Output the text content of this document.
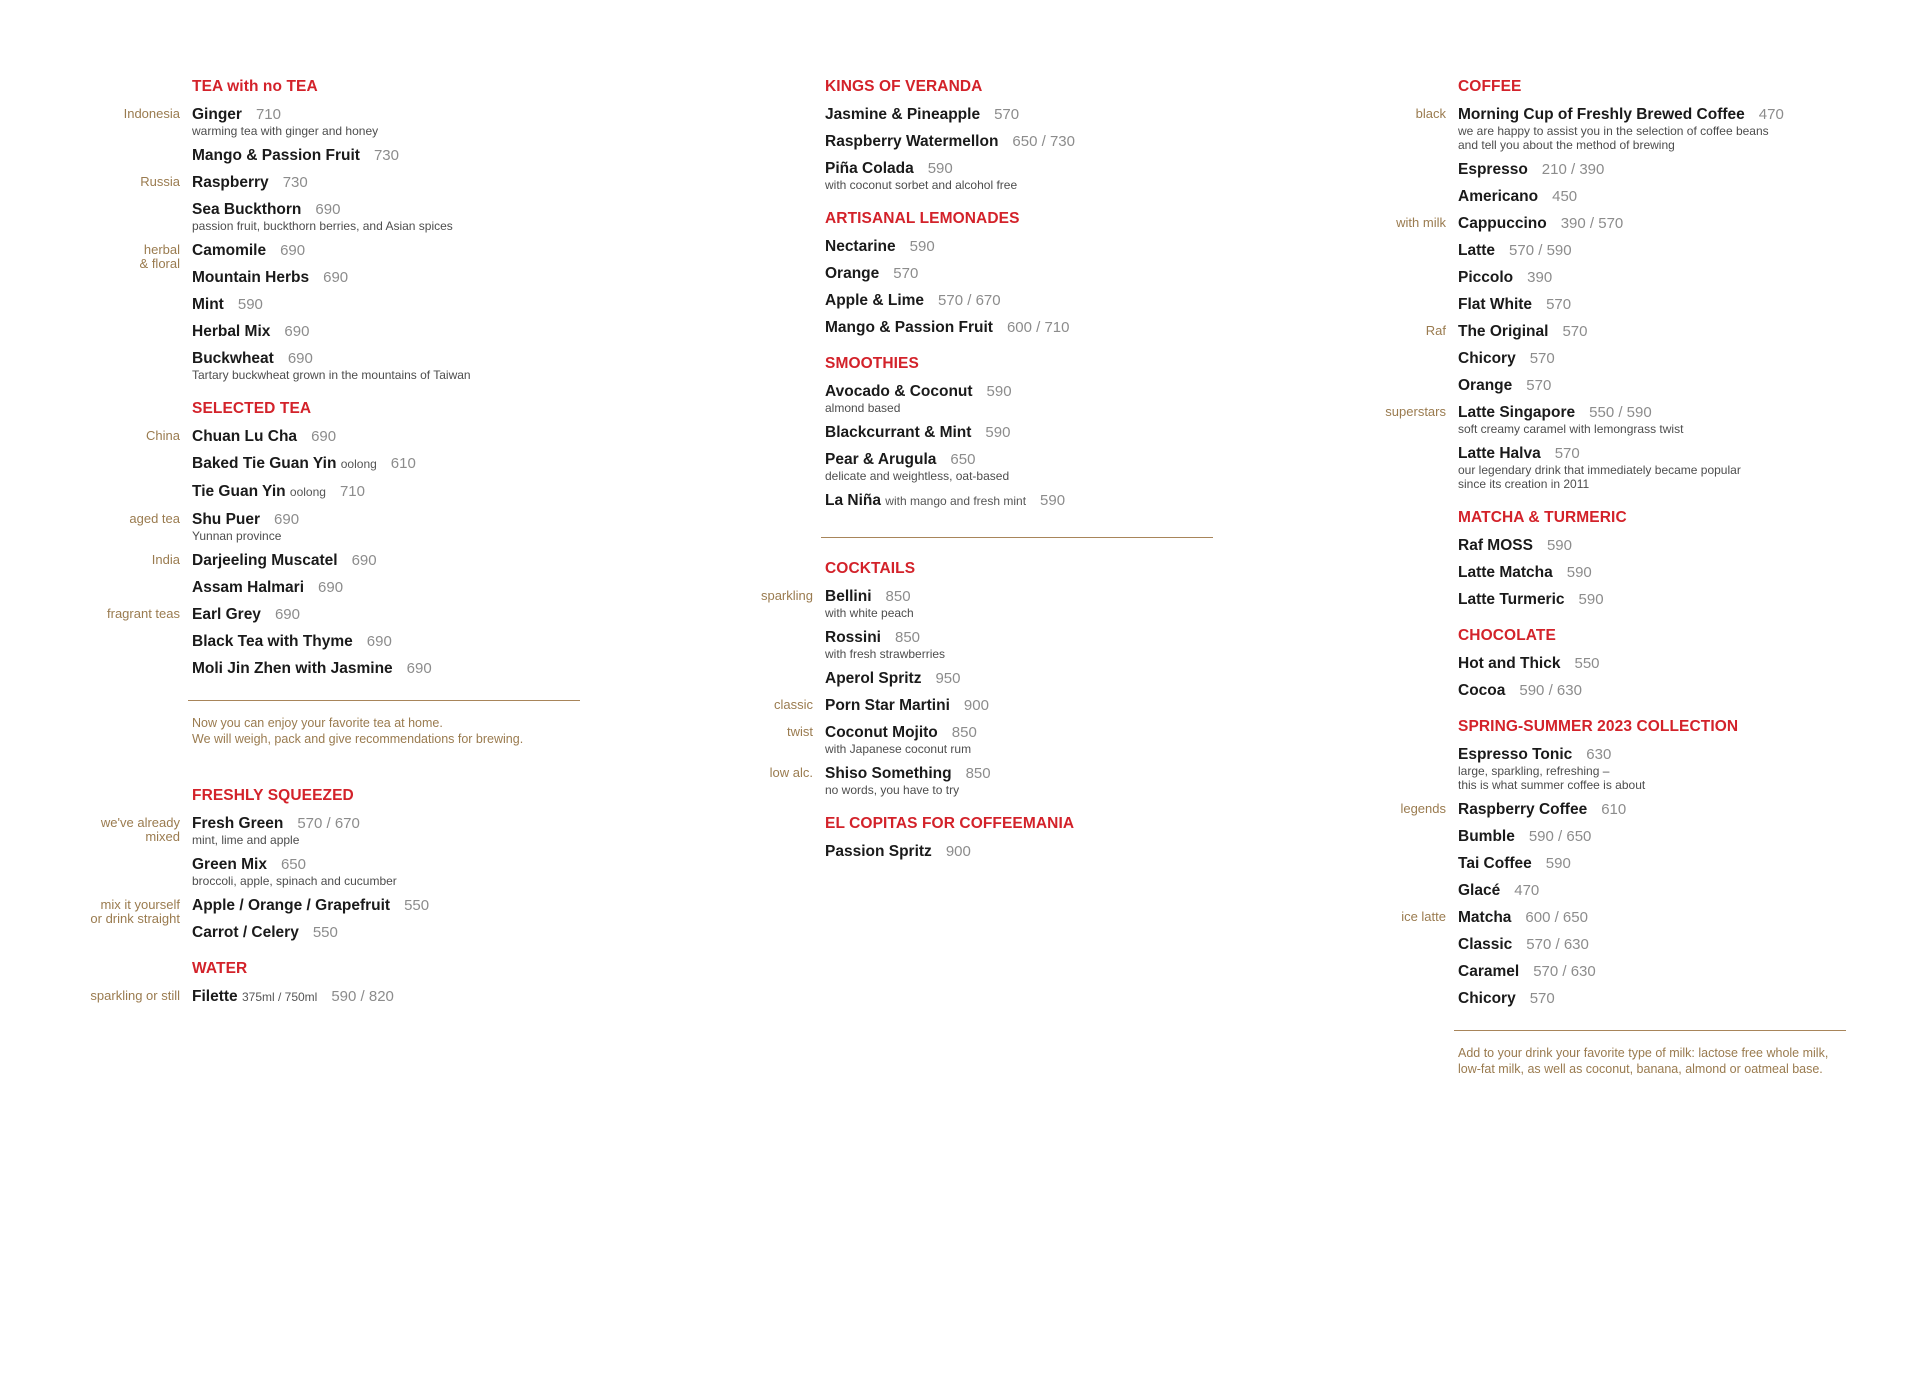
TEA with no TEA
Indonesia Ginger 710
warming tea with ginger and honey
Mango & Passion Fruit 730
Russia Raspberry 730
Sea Buckthorn 690
passion fruit, buckthorn berries, and Asian spices
herbal
& floral
Camomile 690
Mountain Herbs 690
Mint 590
Herbal Mix 690
Buckwheat 690
Tartary buckwheat grown in the mountains of Taiwan
SELECTED TEA
China Chuan Lu Cha 690
Baked Tie Guan Yin oolong 610
Tie Guan Yin oolong 710
aged tea Shu Puer 690
Yunnan province
India Darjeeling Muscatel 690
Assam Halmari 690
fragrant teas Earl Grey 690
Black Tea with Thyme 690
Moli Jin Zhen with Jasmine 690
Now you can enjoy your favorite tea at home.
We will weigh, pack and give recommendations for brewing.
FRESHLY SQUEEZED
we've already
mixed
Fresh Green 570 / 670
mint, lime and apple
Green Mix 650
broccoli, apple, spinach and cucumber
mix it yourself
or drink straight
Apple / Orange / Grapefruit 550
Carrot / Celery 550
WATER
sparkling or still Filette 375ml / 750ml 590 / 820
KINGS OF VERANDA
Jasmine & Pineapple 570
Raspberry Watermellon 650 / 730
Piña Colada 590
with coconut sorbet and alcohol free
ARTISANAL LEMONADES
Nectarine 590
Orange 570
Apple & Lime 570 / 670
Mango & Passion Fruit 600 / 710
SMOOTHIES
Avocado & Coconut 590
almond based
Blackcurrant & Mint 590
Pear & Arugula 650
delicate and weightless, oat-based
La Niña with mango and fresh mint 590
COCKTAILS
sparkling Bellini 850
with white peach
Rossini 850
with fresh strawberries
Aperol Spritz 950
classic Porn Star Martini 900
twist Coconut Mojito 850
with Japanese coconut rum
low alc. Shiso Something 850
no words, you have to try
EL COPITAS FOR COFFEEMANIA
Passion Spritz 900
COFFEE
black Morning Cup of Freshly Brewed Coffee 470
we are happy to assist you in the selection of coffee beans
and tell you about the method of brewing
Espresso 210 / 390
Americano 450
with milk Cappuccino 390 / 570
Latte 570 / 590
Piccolo 390
Flat White 570
Raf The Original 570
Chicory 570
Orange 570
superstars Latte Singapore 550 / 590
soft creamy caramel with lemongrass twist
Latte Halva 570
our legendary drink that immediately became popular
since its creation in 2011
MATCHA & TURMERIC
Raf MOSS 590
Latte Matcha 590
Latte Turmeric 590
CHOCOLATE
Hot and Thick 550
Cocoa 590 / 630
SPRING-SUMMER 2023 COLLECTION
Espresso Tonic 630
large, sparkling, refreshing –
this is what summer coffee is about
legends Raspberry Coffee 610
Bumble 590 / 650
Tai Coffee 590
Glacé 470
ice latte Matcha 600 / 650
Classic 570 / 630
Caramel 570 / 630
Chicory 570
Add to your drink your favorite type of milk: lactose free whole milk,
low-fat milk, as well as coconut, banana, almond or oatmeal base.
